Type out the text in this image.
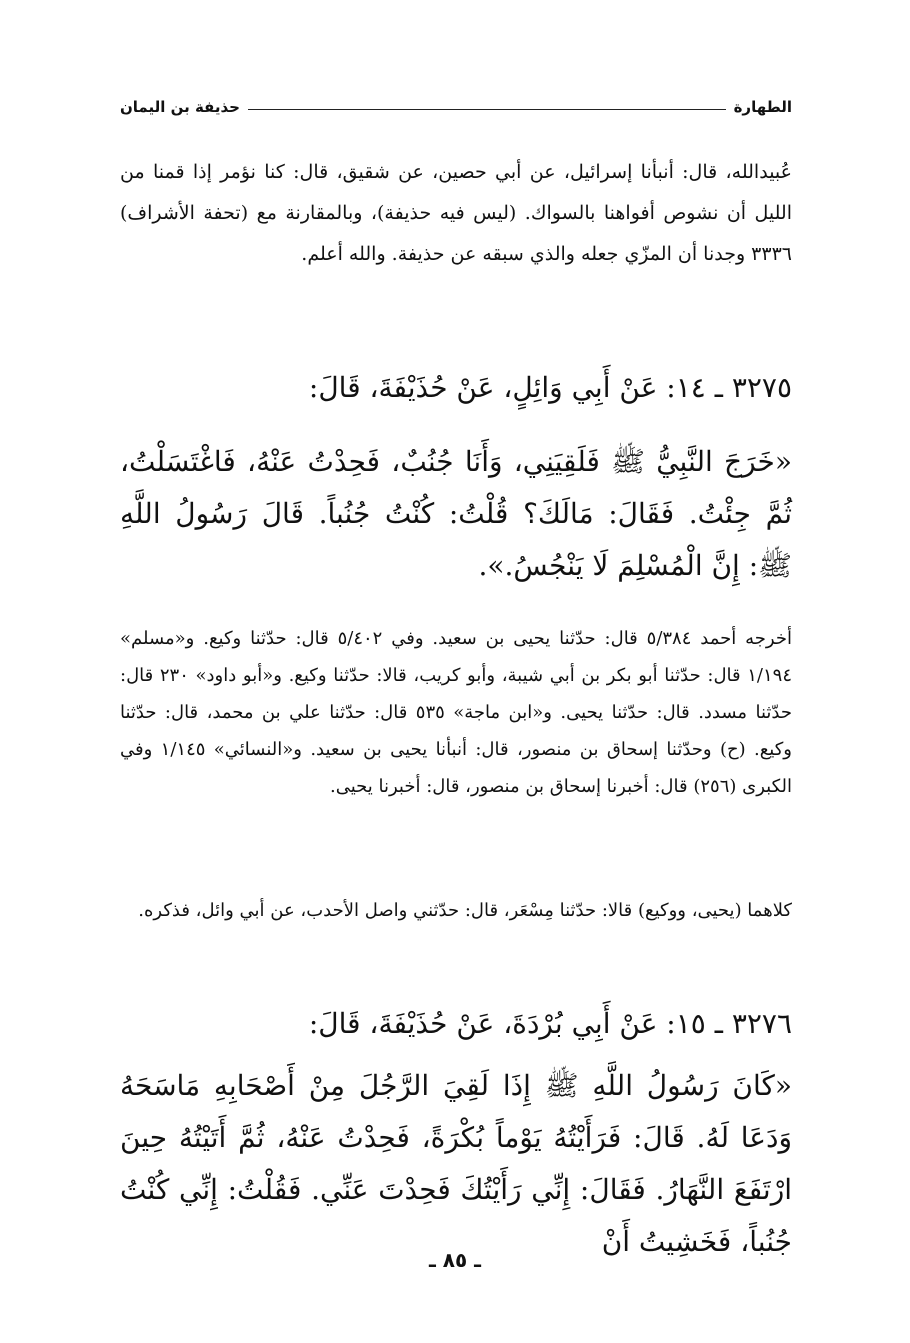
الطهارة
حذيفة بن اليمان
عُبيدالله، قال: أنبأنا إسرائيل، عن أبي حصين، عن شقيق، قال: كنا نؤمر إذا قمنا من الليل أن نشوص أفواهنا بالسواك. (ليس فيه حذيفة)، وبالمقارنة مع (تحفة الأشراف) ٣٣٣٦ وجدنا أن المزّي جعله والذي سبقه عن حذيفة. والله أعلم.
٣٢٧٥ ـ ١٤: عَنْ أَبِي وَائِلٍ، عَنْ حُذَيْفَةَ، قَالَ:
«خَرَجَ النَّبِيُّ ﷺ فَلَقِيَنِي، وَأَنَا جُنُبٌ، فَحِدْتُ عَنْهُ، فَاغْتَسَلْتُ، ثُمَّ جِئْتُ. فَقَالَ: مَالَكَ؟ قُلْتُ: كُنْتُ جُنُباً. قَالَ رَسُولُ اللَّهِ ﷺ: إِنَّ الْمُسْلِمَ لَا يَنْجُسُ.».
أخرجه أحمد ٥/٣٨٤ قال: حدّثنا يحيى بن سعيد. وفي ٥/٤٠٢ قال: حدّثنا وكيع. و«مسلم» ١/١٩٤ قال: حدّثنا أبو بكر بن أبي شيبة، وأبو كريب، قالا: حدّثنا وكيع. و«أبو داود» ٢٣٠ قال: حدّثنا مسدد. قال: حدّثنا يحيى. و«ابن ماجة» ٥٣٥ قال: حدّثنا علي بن محمد، قال: حدّثنا وكيع. (ح) وحدّثنا إسحاق بن منصور، قال: أنبأنا يحيى بن سعيد. و«النسائي» ١/١٤٥ وفي الكبرى (٢٥٦) قال: أخبرنا إسحاق بن منصور، قال: أخبرنا يحيى.
كلاهما (يحيى، ووكيع) قالا: حدّثنا مِسْعَر، قال: حدّثني واصل الأحدب، عن أبي وائل، فذكره.
٣٢٧٦ ـ ١٥: عَنْ أَبِي بُرْدَةَ، عَنْ حُذَيْفَةَ، قَالَ:
«كَانَ رَسُولُ اللَّهِ ﷺ إِذَا لَقِيَ الرَّجُلَ مِنْ أَصْحَابِهِ مَاسَحَهُ وَدَعَا لَهُ. قَالَ: فَرَأَيْتُهُ يَوْماً بُكْرَةً، فَحِدْتُ عَنْهُ، ثُمَّ أَتَيْتُهُ حِينَ ارْتَفَعَ النَّهَارُ. فَقَالَ: إِنِّي رَأَيْتُكَ فَحِدْتَ عَنِّي. فَقُلْتُ: إِنِّي كُنْتُ جُنُباً، فَخَشِيتُ أَنْ
ـ ٨٥ ـ
